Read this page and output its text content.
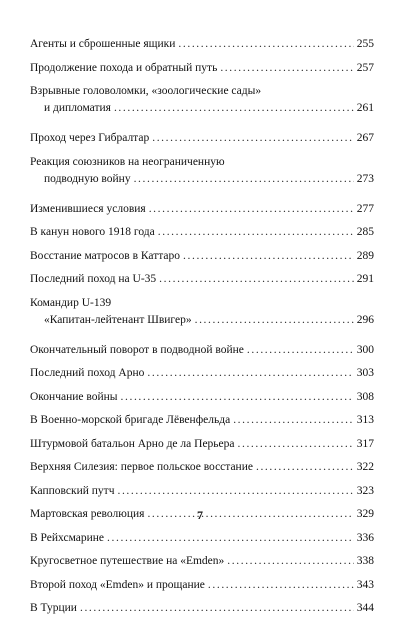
Агенты и сброшенные ящики .....	255
Продолжение похода и обратный путь .....	257
Взрывные головоломки, «зоологические сады»
и дипломатия .....	261
Проход через Гибралтар .....	267
Реакция союзников на неограниченную
подводную войну .....	273
Изменившиеся условия .....	277
В канун нового 1918 года .....	285
Восстание матросов в Каттаро .....	289
Последний поход на U-35 .....	291
Командир U-139
«Капитан-лейтенант Швигер» .....	296
Окончательный поворот в подводной войне .....	300
Последний поход Арно .....	303
Окончание войны .....	308
В Военно-морской бригаде Лёвенфельда .....	313
Штурмовой батальон Арно де ла Перьера .....	317
Верхняя Силезия: первое польское восстание .....	322
Капповский путч .....	323
Мартовская революция .....	329
В Рейхсмарине .....	336
Кругосветное путешествие на «Emden» .....	338
Второй поход «Emden» и прощание .....	343
В Турции .....	344
7
